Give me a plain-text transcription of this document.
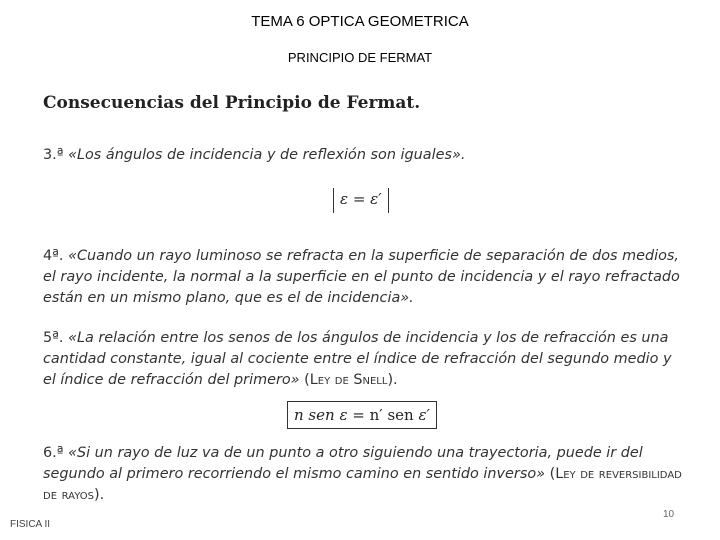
TEMA 6 OPTICA GEOMETRICA
PRINCIPIO DE FERMAT
Consecuencias del Principio de Fermat.
3.ª «Los ángulos de incidencia y de reflexión son iguales».
ε = ε′
4ª. «Cuando un rayo luminoso se refracta en la superficie de separación de dos medios, el rayo incidente, la normal a la superficie en el punto de incidencia y el rayo refractado están en un mismo plano, que es el de incidencia».
5ª. «La relación entre los senos de los ángulos de incidencia y los de refracción es una cantidad constante, igual al cociente entre el índice de refracción del segundo medio y el índice de refracción del primero» (Ley de Snell).
n sen ε = n′ sen ε′
6.ª «Si un rayo de luz va de un punto a otro siguiendo una trayectoria, puede ir del segundo al primero recorriendo el mismo camino en sentido inverso» (Ley de reversibilidad de rayos).
FISICA II
10
